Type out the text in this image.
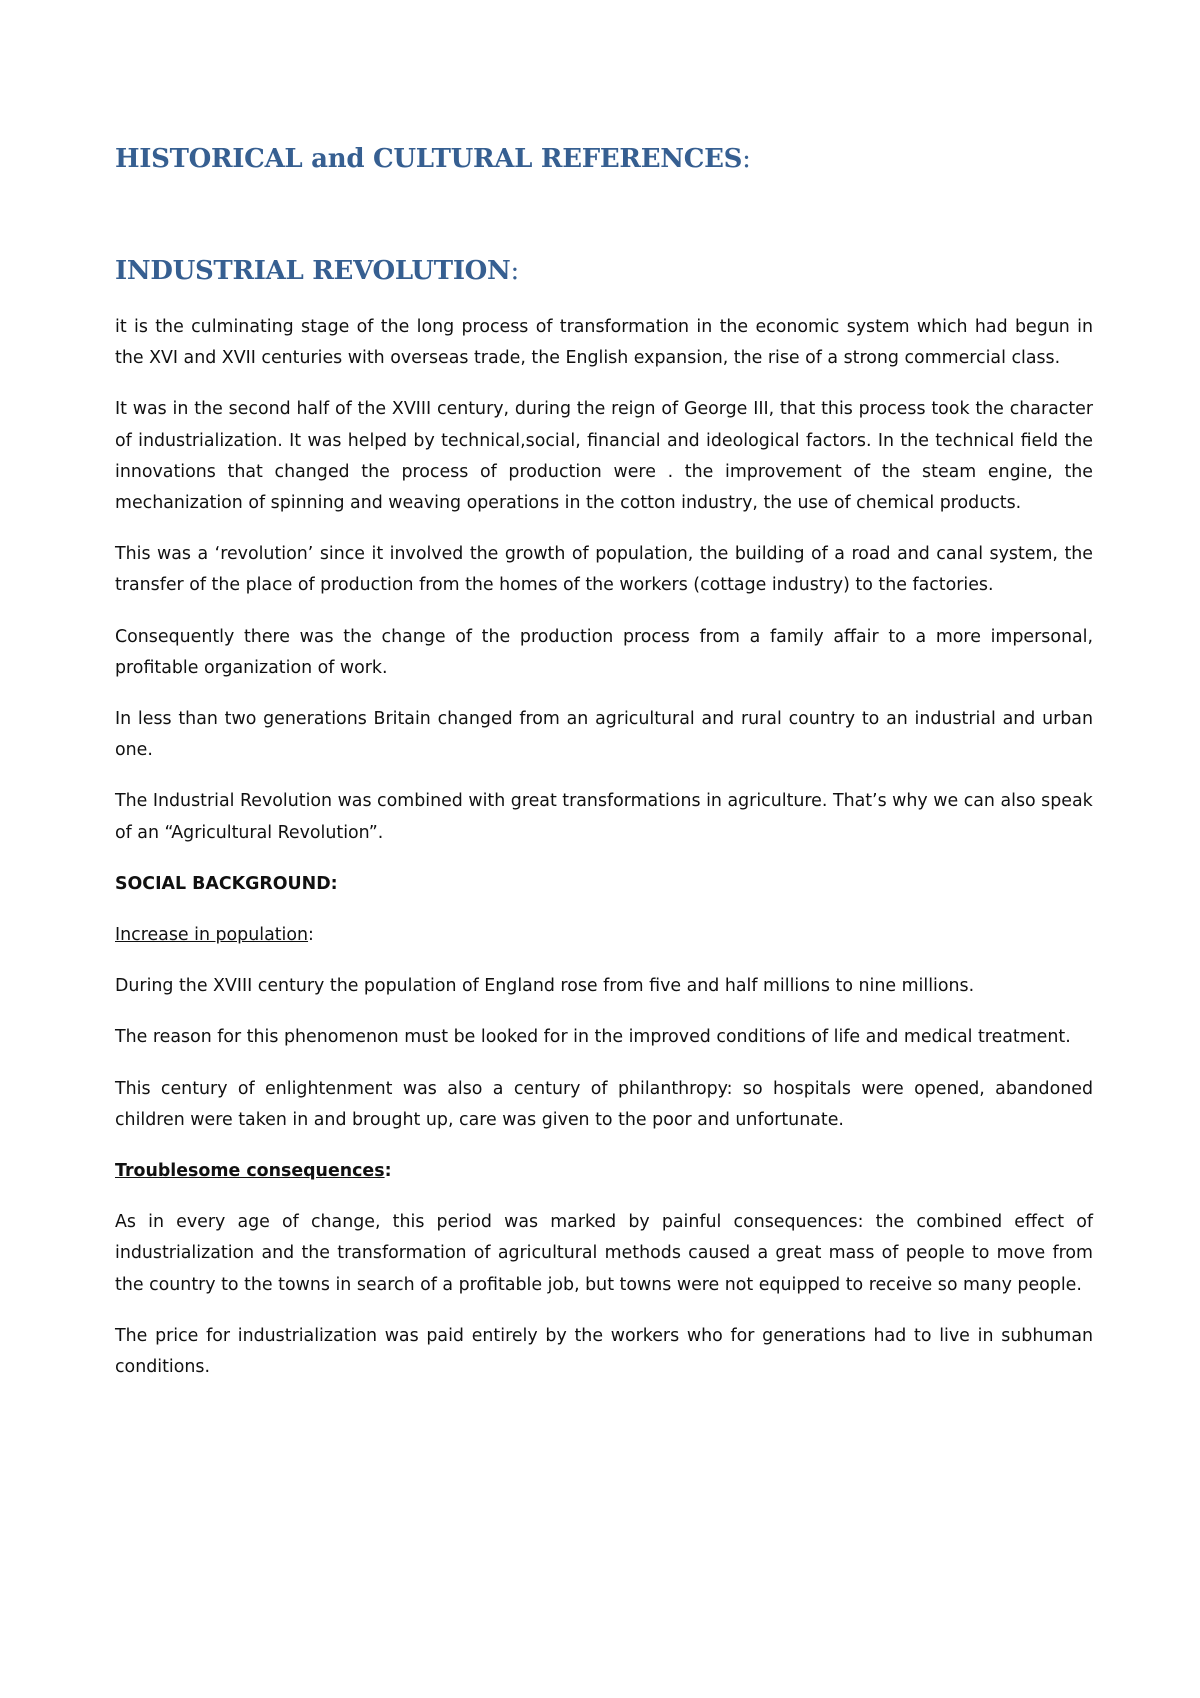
HISTORICAL and CULTURAL REFERENCES:
INDUSTRIAL REVOLUTION:

it is the culminating stage of the long process of transformation in the economic system which had begun in the XVI and XVII centuries with overseas trade, the English expansion, the rise of a strong commercial class.

It was in the second half of the XVIII century, during the reign of George III, that this process took the character of industrialization. It was helped by technical,social, financial and ideological factors. In the technical field the innovations that changed the process of production were . the improvement of the steam engine, the mechanization of spinning and weaving operations in the cotton industry, the use of chemical products.

This was a ‘revolution’ since it involved the growth of population, the building of a road and canal system, the transfer of the place of production from the homes of the workers (cottage industry) to the factories.

Consequently there was the change of the production process from a family affair to a more impersonal, profitable organization of work.

In less than two generations Britain changed from an agricultural and rural country to an industrial and urban one.

The Industrial Revolution was combined with great transformations in agriculture. That’s why we can also speak of an “Agricultural Revolution”.

SOCIAL BACKGROUND:

Increase in population:

During the XVIII century the population of England rose from five and half millions to nine millions.

The reason for this phenomenon must be looked for in the improved conditions of life and medical treatment.

This century of enlightenment was also a century of philanthropy: so hospitals were opened, abandoned children were taken in and brought up, care was given to the poor and unfortunate.

Troublesome consequences:

As in every age of change, this period was marked by painful consequences: the combined effect of industrialization and the transformation of agricultural methods caused a great mass of people to move from the country to the towns in search of a profitable job, but towns were not equipped to receive so many people.

The price for industrialization was paid entirely by the workers who for generations had to live in subhuman conditions.
